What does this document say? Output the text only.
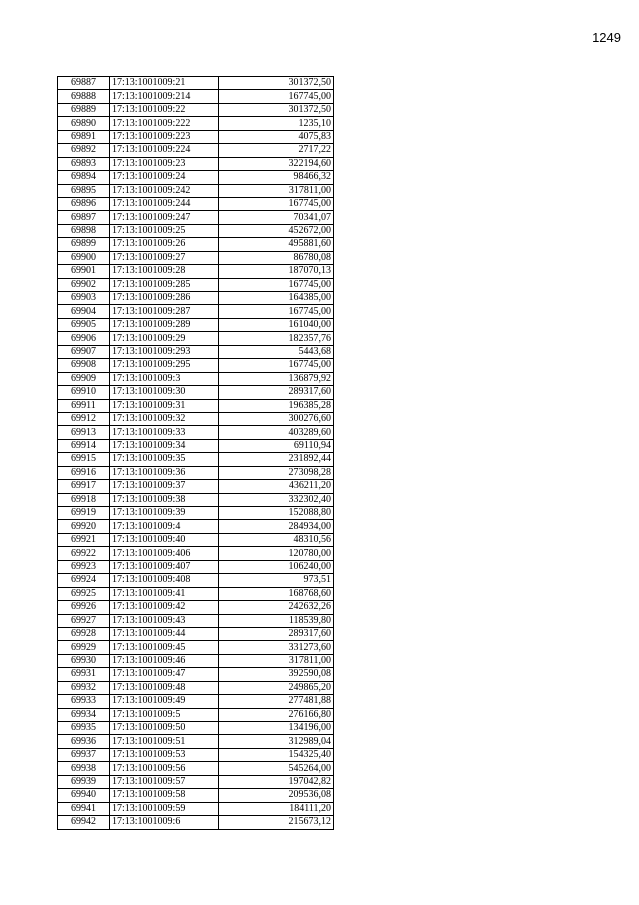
1249
69887	17:13:1001009:21	301372,50
69888	17:13:1001009:214	167745,00
69889	17:13:1001009:22	301372,50
69890	17:13:1001009:222	1235,10
69891	17:13:1001009:223	4075,83
69892	17:13:1001009:224	2717,22
69893	17:13:1001009:23	322194,60
69894	17:13:1001009:24	98466,32
69895	17:13:1001009:242	317811,00
69896	17:13:1001009:244	167745,00
69897	17:13:1001009:247	70341,07
69898	17:13:1001009:25	452672,00
69899	17:13:1001009:26	495881,60
69900	17:13:1001009:27	86780,08
69901	17:13:1001009:28	187070,13
69902	17:13:1001009:285	167745,00
69903	17:13:1001009:286	164385,00
69904	17:13:1001009:287	167745,00
69905	17:13:1001009:289	161040,00
69906	17:13:1001009:29	182357,76
69907	17:13:1001009:293	5443,68
69908	17:13:1001009:295	167745,00
69909	17:13:1001009:3	136879,92
69910	17:13:1001009:30	289317,60
69911	17:13:1001009:31	196385,28
69912	17:13:1001009:32	300276,60
69913	17:13:1001009:33	403289,60
69914	17:13:1001009:34	69110,94
69915	17:13:1001009:35	231892,44
69916	17:13:1001009:36	273098,28
69917	17:13:1001009:37	436211,20
69918	17:13:1001009:38	332302,40
69919	17:13:1001009:39	152088,80
69920	17:13:1001009:4	284934,00
69921	17:13:1001009:40	48310,56
69922	17:13:1001009:406	120780,00
69923	17:13:1001009:407	106240,00
69924	17:13:1001009:408	973,51
69925	17:13:1001009:41	168768,60
69926	17:13:1001009:42	242632,26
69927	17:13:1001009:43	118539,80
69928	17:13:1001009:44	289317,60
69929	17:13:1001009:45	331273,60
69930	17:13:1001009:46	317811,00
69931	17:13:1001009:47	392590,08
69932	17:13:1001009:48	249865,20
69933	17:13:1001009:49	277481,88
69934	17:13:1001009:5	276166,80
69935	17:13:1001009:50	134196,00
69936	17:13:1001009:51	312989,04
69937	17:13:1001009:53	154325,40
69938	17:13:1001009:56	545264,00
69939	17:13:1001009:57	197042,82
69940	17:13:1001009:58	209536,08
69941	17:13:1001009:59	184111,20
69942	17:13:1001009:6	215673,12
